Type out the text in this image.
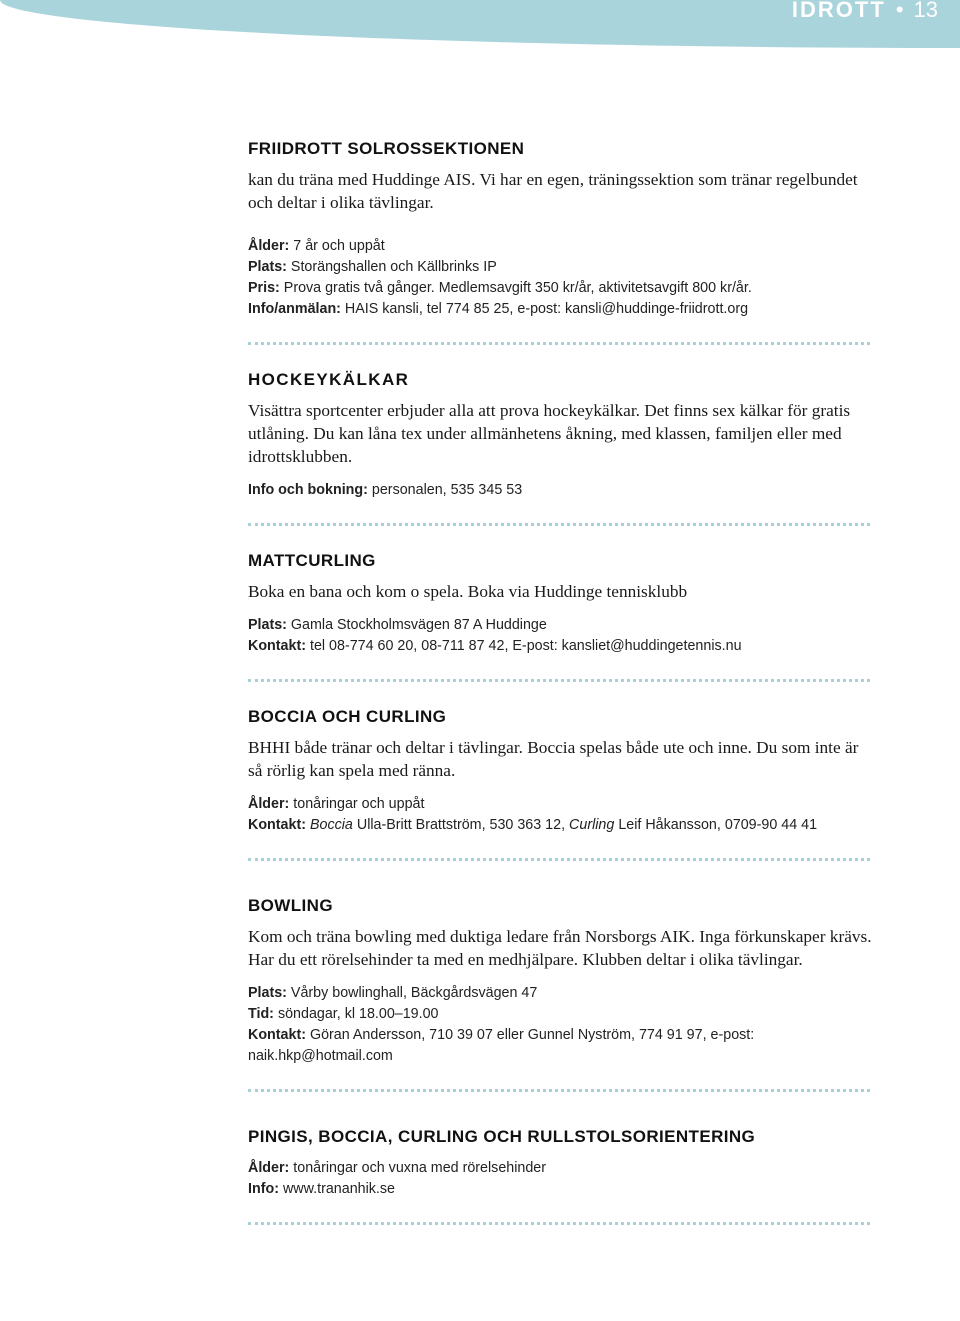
IDROTT • 13
FRIIDROTT SOLROSSEKTIONEN

kan du träna med Huddinge AIS. Vi har en egen, träningssektion som tränar regelbundet och deltar i olika tävlingar.

Ålder: 7 år och uppåt
Plats: Storängshallen och Källbrinks IP
Pris: Prova gratis två gånger. Medlemsavgift 350 kr/år, aktivitetsavgift 800 kr/år.
Info/anmälan: HAIS kansli, tel 774 85 25, e-post: kansli@huddinge-friidrott.org
HOCKEYKÄLKAR

Visättra sportcenter erbjuder alla att prova hockeykälkar. Det finns sex kälkar för gratis utlåning. Du kan låna tex under allmänhetens åkning, med klassen, familjen eller med idrottsklubben.

Info och bokning: personalen, 535 345 53
MATTCURLING

Boka en bana och kom o spela. Boka via Huddinge tennisklubb

Plats: Gamla Stockholmsvägen 87 A Huddinge
Kontakt: tel 08-774 60 20, 08-711 87 42, E-post: kansliet@huddingetennis.nu
BOCCIA OCH CURLING

BHHI både tränar och deltar i tävlingar. Boccia spelas både ute och inne. Du som inte är så rörlig kan spela med ränna.

Ålder: tonåringar och uppåt
Kontakt: Boccia Ulla-Britt Brattström, 530 363 12, Curling Leif Håkansson, 0709-90 44 41
BOWLING

Kom och träna bowling med duktiga ledare från Norsborgs AIK. Inga förkunskaper krävs. Har du ett rörelsehinder ta med en medhjälpare. Klubben deltar i olika tävlingar.

Plats: Vårby bowlinghall, Bäckgårdsvägen 47
Tid: söndagar, kl 18.00–19.00
Kontakt: Göran Andersson, 710 39 07 eller Gunnel Nyström, 774 91 97, e-post: naik.hkp@hotmail.com
PINGIS, BOCCIA, CURLING OCH RULLSTOLSORIENTERING
Ålder: tonåringar och vuxna med rörelsehinder
Info: www.trananhik.se
